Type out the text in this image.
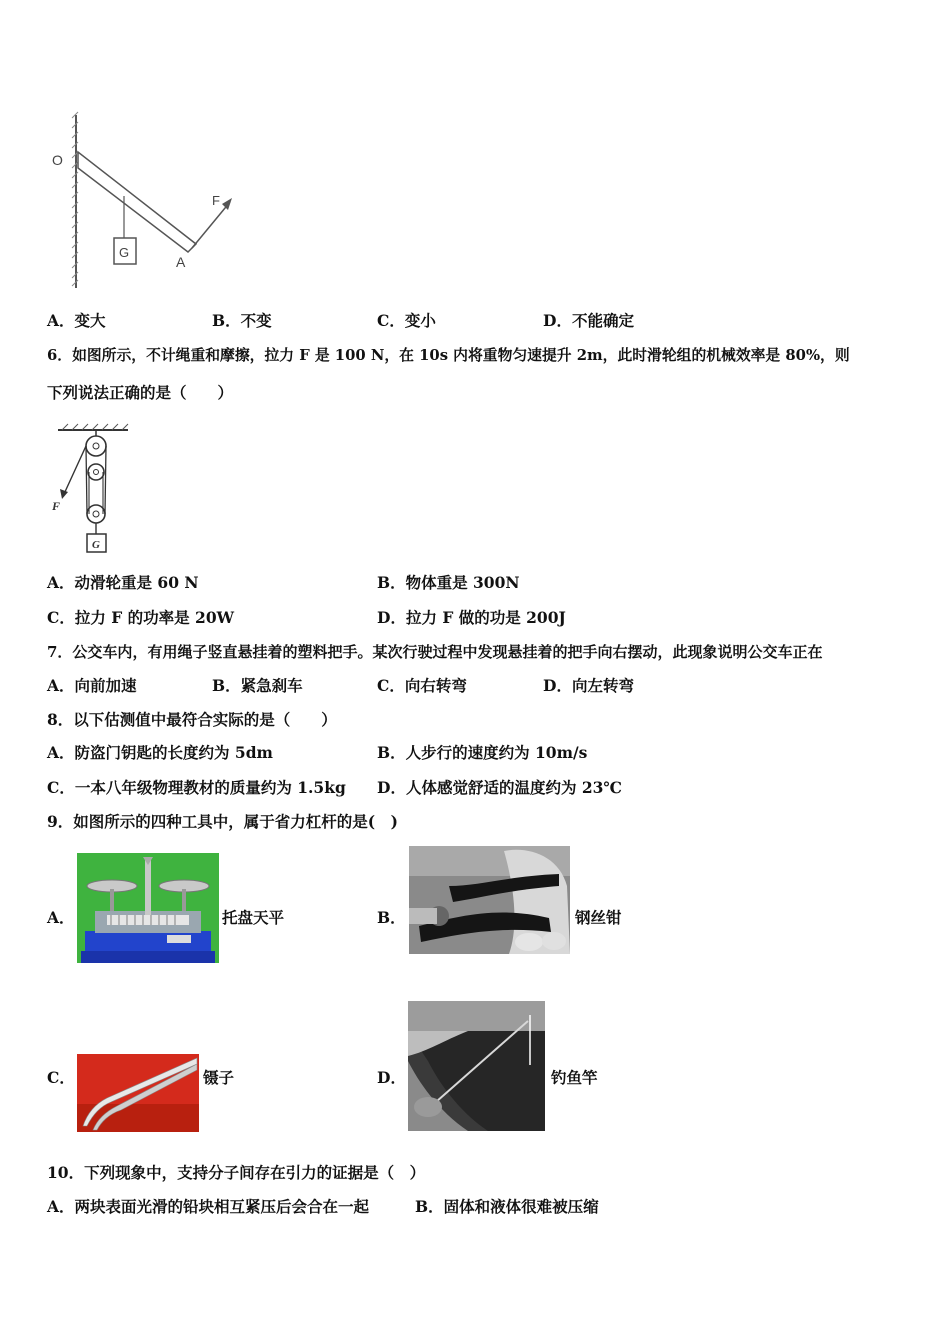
O
G
A
F
A．变大	B．不变	C．变小	D．不能确定
6．如图所示，不计绳重和摩擦，拉力 F 是 100 N，在 10s 内将重物匀速提升 2m，此时滑轮组的机械效率是 80%，则
下列说法正确的是（　　）
F
G
A．动滑轮重是 60 N	B．物体重是 300N
C．拉力 F 的功率是 20W	D．拉力 F 做的功是 200J
7．公交车内，有用绳子竖直悬挂着的塑料把手。某次行驶过程中发现悬挂着的把手向右摆动，此现象说明公交车正在
A．向前加速	B．紧急刹车	C．向右转弯	D．向左转弯
8．以下估测值中最符合实际的是（　　）
A．防盗门钥匙的长度约为 5dm	B．人步行的速度约为 10m/s
C．一本八年级物理教材的质量约为 1.5kg D．人体感觉舒适的温度约为 23℃
9．如图所示的四种工具中，属于省力杠杆的是(　)
A．	托盘天平	B．	钢丝钳
C．	镊子	D．	钓鱼竿
10．下列现象中，支持分子间存在引力的证据是（　）
A．两块表面光滑的铅块相互紧压后会合在一起	B．固体和液体很难被压缩
